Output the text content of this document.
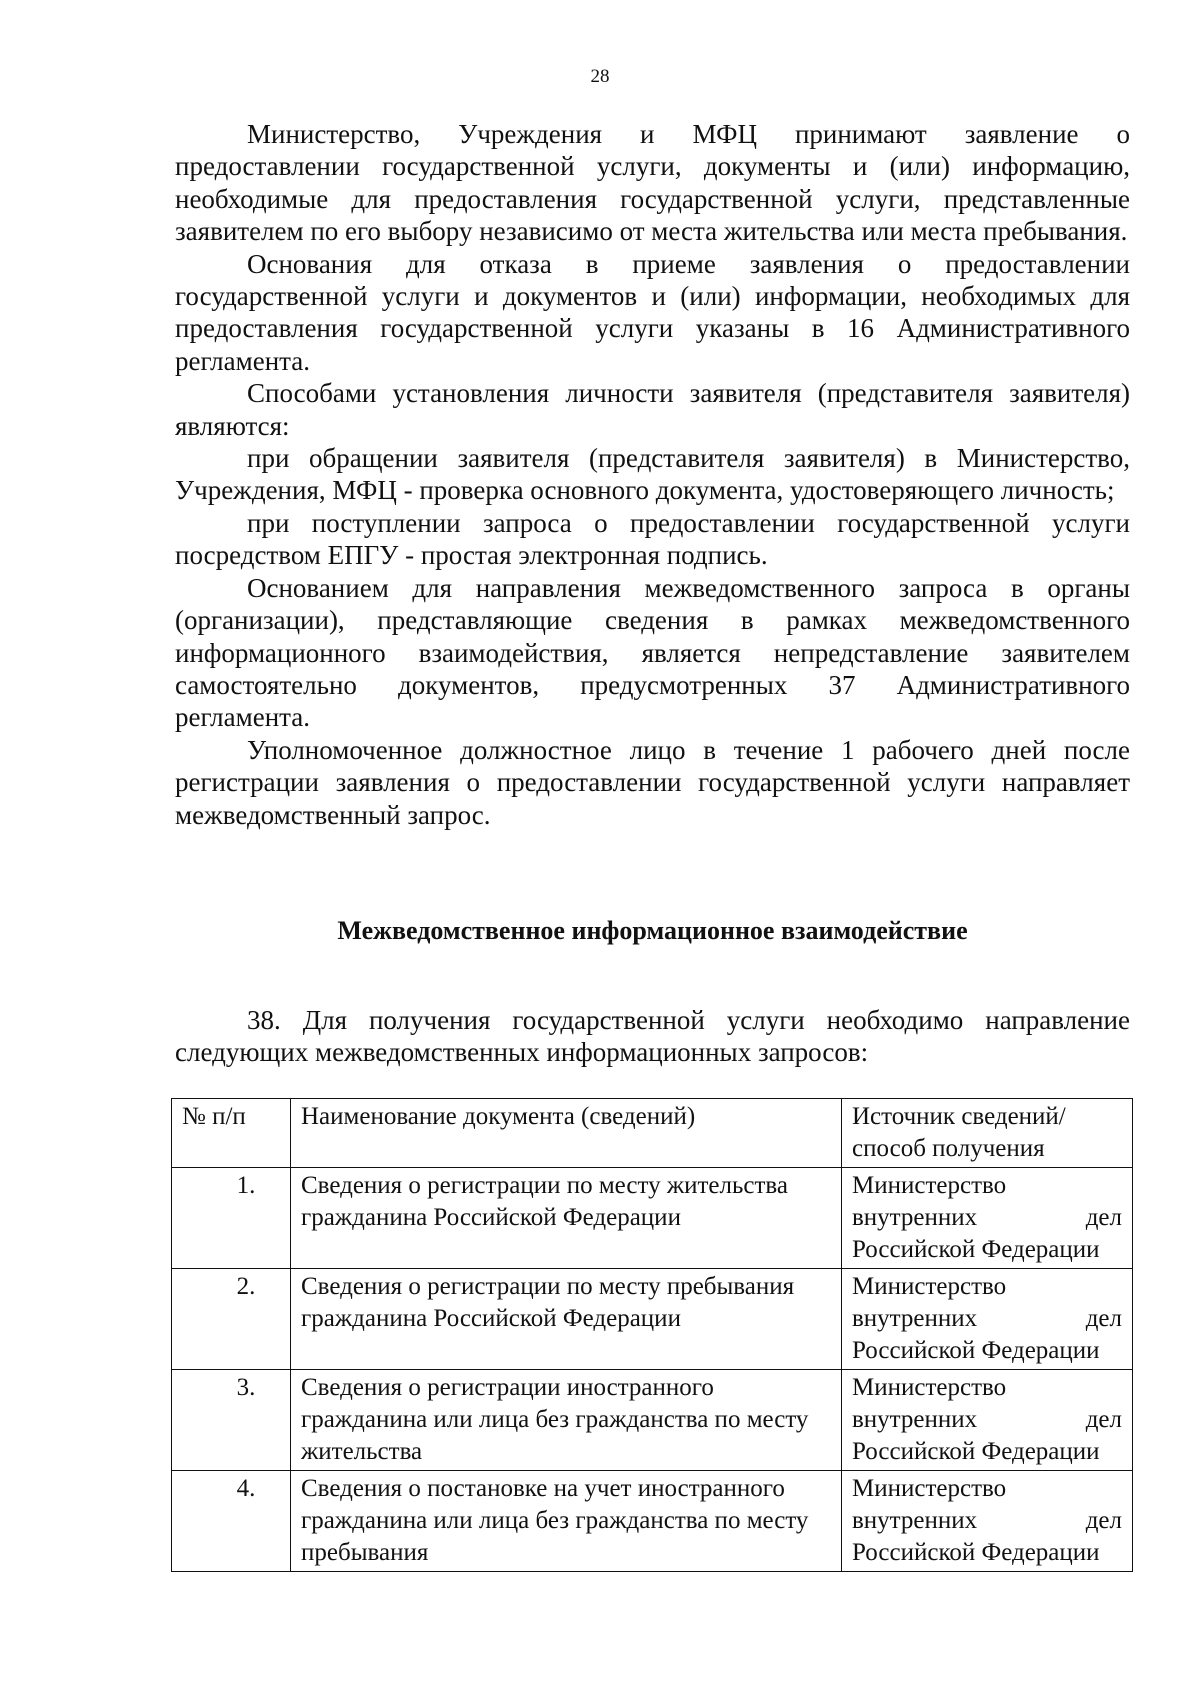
28

Министерство, Учреждения и МФЦ принимают заявление о предоставлении государственной услуги, документы и (или) информацию, необходимые для предоставления государственной услуги, представленные заявителем по его выбору независимо от места жительства или места пребывания.

Основания для отказа в приеме заявления о предоставлении государственной услуги и документов и (или) информации, необходимых для предоставления государственной услуги указаны в 16 Административного регламента.

Способами установления личности заявителя (представителя заявителя) являются:

при обращении заявителя (представителя заявителя) в Министерство, Учреждения, МФЦ - проверка основного документа, удостоверяющего личность;

при поступлении запроса о предоставлении государственной услуги посредством ЕПГУ - простая электронная подпись.

Основанием для направления межведомственного запроса в органы (организации), представляющие сведения в рамках межведомственного информационного взаимодействия, является непредставление заявителем самостоятельно документов, предусмотренных 37 Административного регламента.

Уполномоченное должностное лицо в течение 1 рабочего дней после регистрации заявления о предоставлении государственной услуги направляет межведомственный запрос.

Межведомственное информационное взаимодействие

38. Для получения государственной услуги необходимо направление следующих межведомственных информационных запросов:

№ п/п	Наименование документа (сведений)	Источник сведений/способ получения
1.	Сведения о регистрации по месту жительства гражданина Российской Федерации	Министерство внутренних дел Российской Федерации
2.	Сведения о регистрации по месту пребывания гражданина Российской Федерации	Министерство внутренних дел Российской Федерации
3.	Сведения о регистрации иностранного гражданина или лица без гражданства по месту жительства	Министерство внутренних дел Российской Федерации
4.	Сведения о постановке на учет иностранного гражданина или лица без гражданства по месту пребывания	Министерство внутренних дел Российской Федерации
